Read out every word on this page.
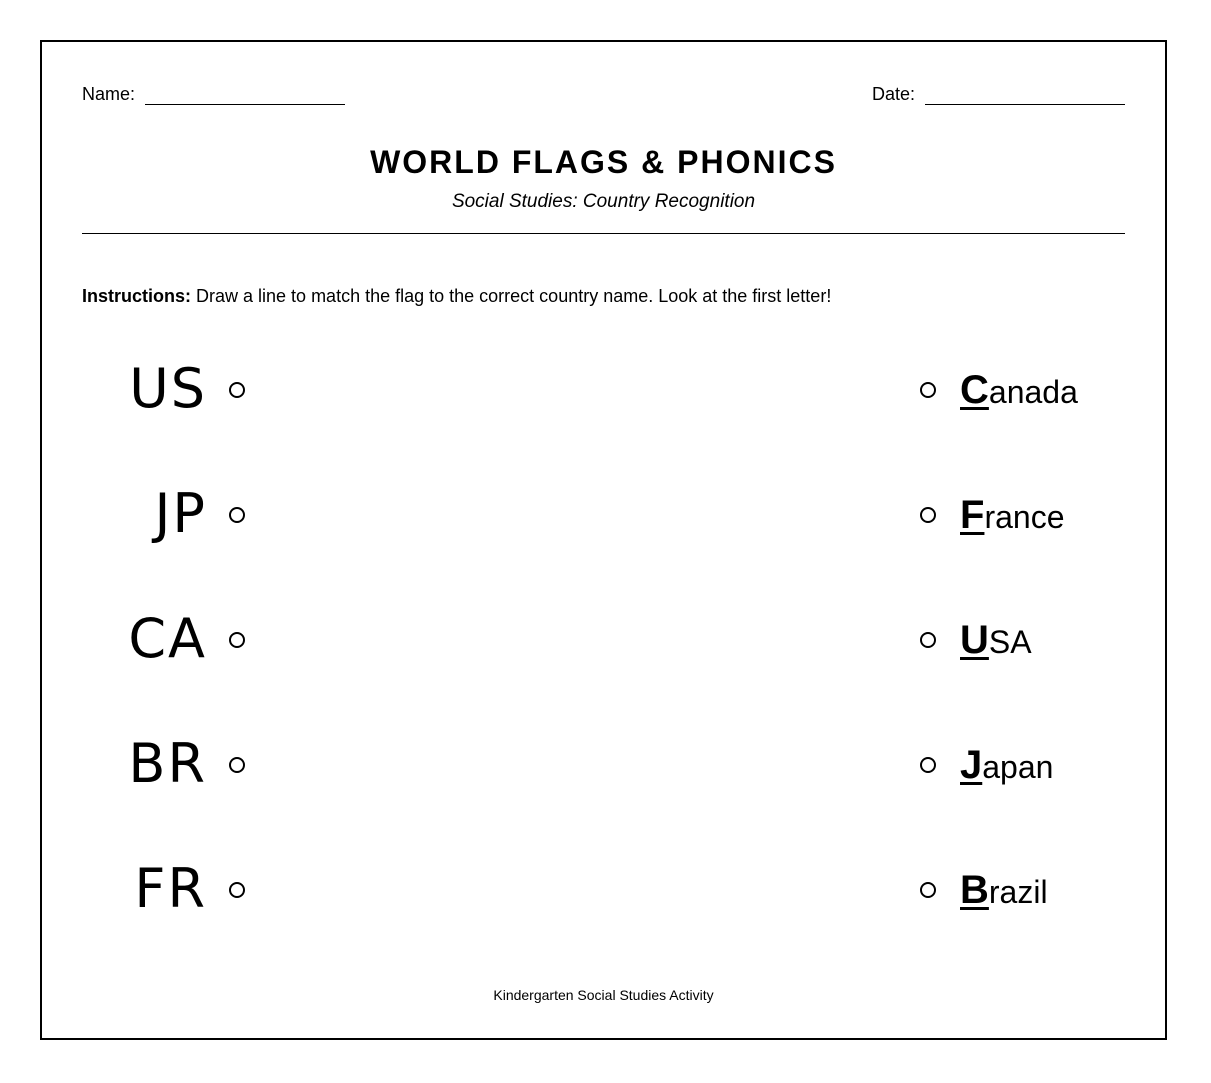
Name:	Date:
WORLD FLAGS & PHONICS
Social Studies: Country Recognition
Instructions: Draw a line to match the flag to the correct country name. Look at the first letter!
US	Canada
JP	France
CA	USA
BR	Japan
FR	Brazil
Kindergarten Social Studies Activity
